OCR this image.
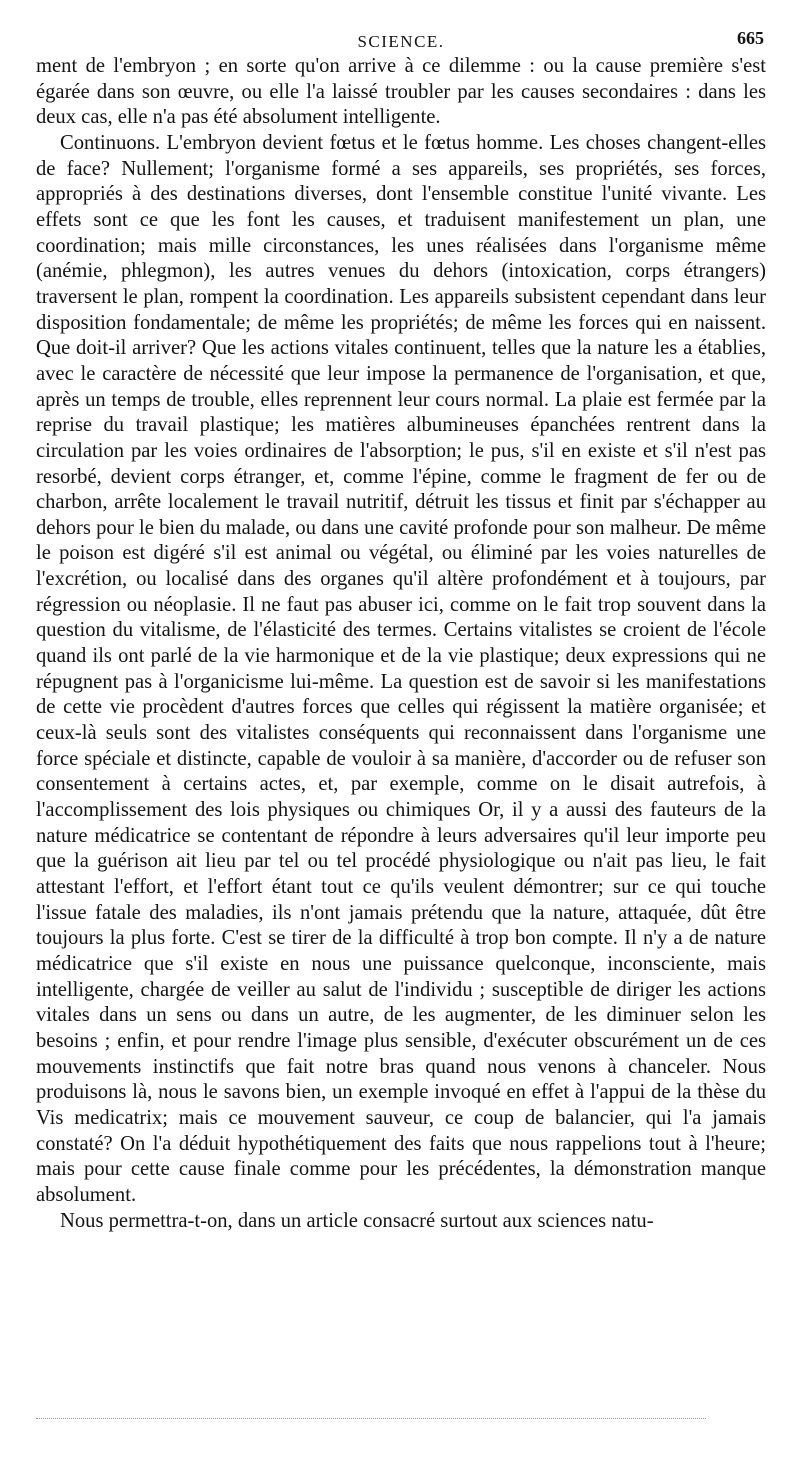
SCIENCE.	665

ment de l'embryon ; en sorte qu'on arrive à ce dilemme : ou la cause première s'est égarée dans son œuvre, ou elle l'a laissé troubler par les causes secondaires : dans les deux cas, elle n'a pas été absolument intelligente.

Continuons. L'embryon devient fœtus et le fœtus homme. Les choses changent-elles de face? Nullement; l'organisme formé a ses appareils, ses propriétés, ses forces, appropriés à des destinations diverses, dont l'ensemble constitue l'unité vivante. Les effets sont ce que les font les causes, et traduisent manifestement un plan, une coordination; mais mille circonstances, les unes réalisées dans l'organisme même (anémie, phlegmon), les autres venues du dehors (intoxication, corps étrangers) traversent le plan, rompent la coordination. Les appareils subsistent cependant dans leur disposition fondamentale; de même les propriétés; de même les forces qui en naissent. Que doit-il arriver? Que les actions vitales continuent, telles que la nature les a établies, avec le caractère de nécessité que leur impose la permanence de l'organisation, et que, après un temps de trouble, elles reprennent leur cours normal. La plaie est fermée par la reprise du travail plastique; les matières albumineuses épanchées rentrent dans la circulation par les voies ordinaires de l'absorption; le pus, s'il en existe et s'il n'est pas resorbé, devient corps étranger, et, comme l'épine, comme le fragment de fer ou de charbon, arrête localement le travail nutritif, détruit les tissus et finit par s'échapper au dehors pour le bien du malade, ou dans une cavité profonde pour son malheur. De même le poison est digéré s'il est animal ou végétal, ou éliminé par les voies naturelles de l'excrétion, ou localisé dans des organes qu'il altère profondément et à toujours, par régression ou néoplasie. Il ne faut pas abuser ici, comme on le fait trop souvent dans la question du vitalisme, de l'élasticité des termes. Certains vitalistes se croient de l'école quand ils ont parlé de la vie harmonique et de la vie plastique; deux expressions qui ne répugnent pas à l'organicisme lui-même. La question est de savoir si les manifestations de cette vie procèdent d'autres forces que celles qui régissent la matière organisée; et ceux-là seuls sont des vitalistes conséquents qui reconnaissent dans l'organisme une force spéciale et distincte, capable de vouloir à sa manière, d'accorder ou de refuser son consentement à certains actes, et, par exemple, comme on le disait autrefois, à l'accomplissement des lois physiques ou chimiques Or, il y a aussi des fauteurs de la nature médicatrice se contentant de répondre à leurs adversaires qu'il leur importe peu que la guérison ait lieu par tel ou tel procédé physiologique ou n'ait pas lieu, le fait attestant l'effort, et l'effort étant tout ce qu'ils veulent démontrer; sur ce qui touche l'issue fatale des maladies, ils n'ont jamais prétendu que la nature, attaquée, dût être toujours la plus forte. C'est se tirer de la difficulté à trop bon compte. Il n'y a de nature médicatrice que s'il existe en nous une puissance quelconque, inconsciente, mais intelligente, chargée de veiller au salut de l'individu ; susceptible de diriger les actions vitales dans un sens ou dans un autre, de les augmenter, de les diminuer selon les besoins ; enfin, et pour rendre l'image plus sensible, d'exécuter obscurément un de ces mouvements instinctifs que fait notre bras quand nous venons à chanceler. Nous produisons là, nous le savons bien, un exemple invoqué en effet à l'appui de la thèse du Vis medicatrix; mais ce mouvement sauveur, ce coup de balancier, qui l'a jamais constaté? On l'a déduit hypothétiquement des faits que nous rappelions tout à l'heure; mais pour cette cause finale comme pour les précédentes, la démonstration manque absolument.

Nous permettra-t-on, dans un article consacré surtout aux sciences natu-
